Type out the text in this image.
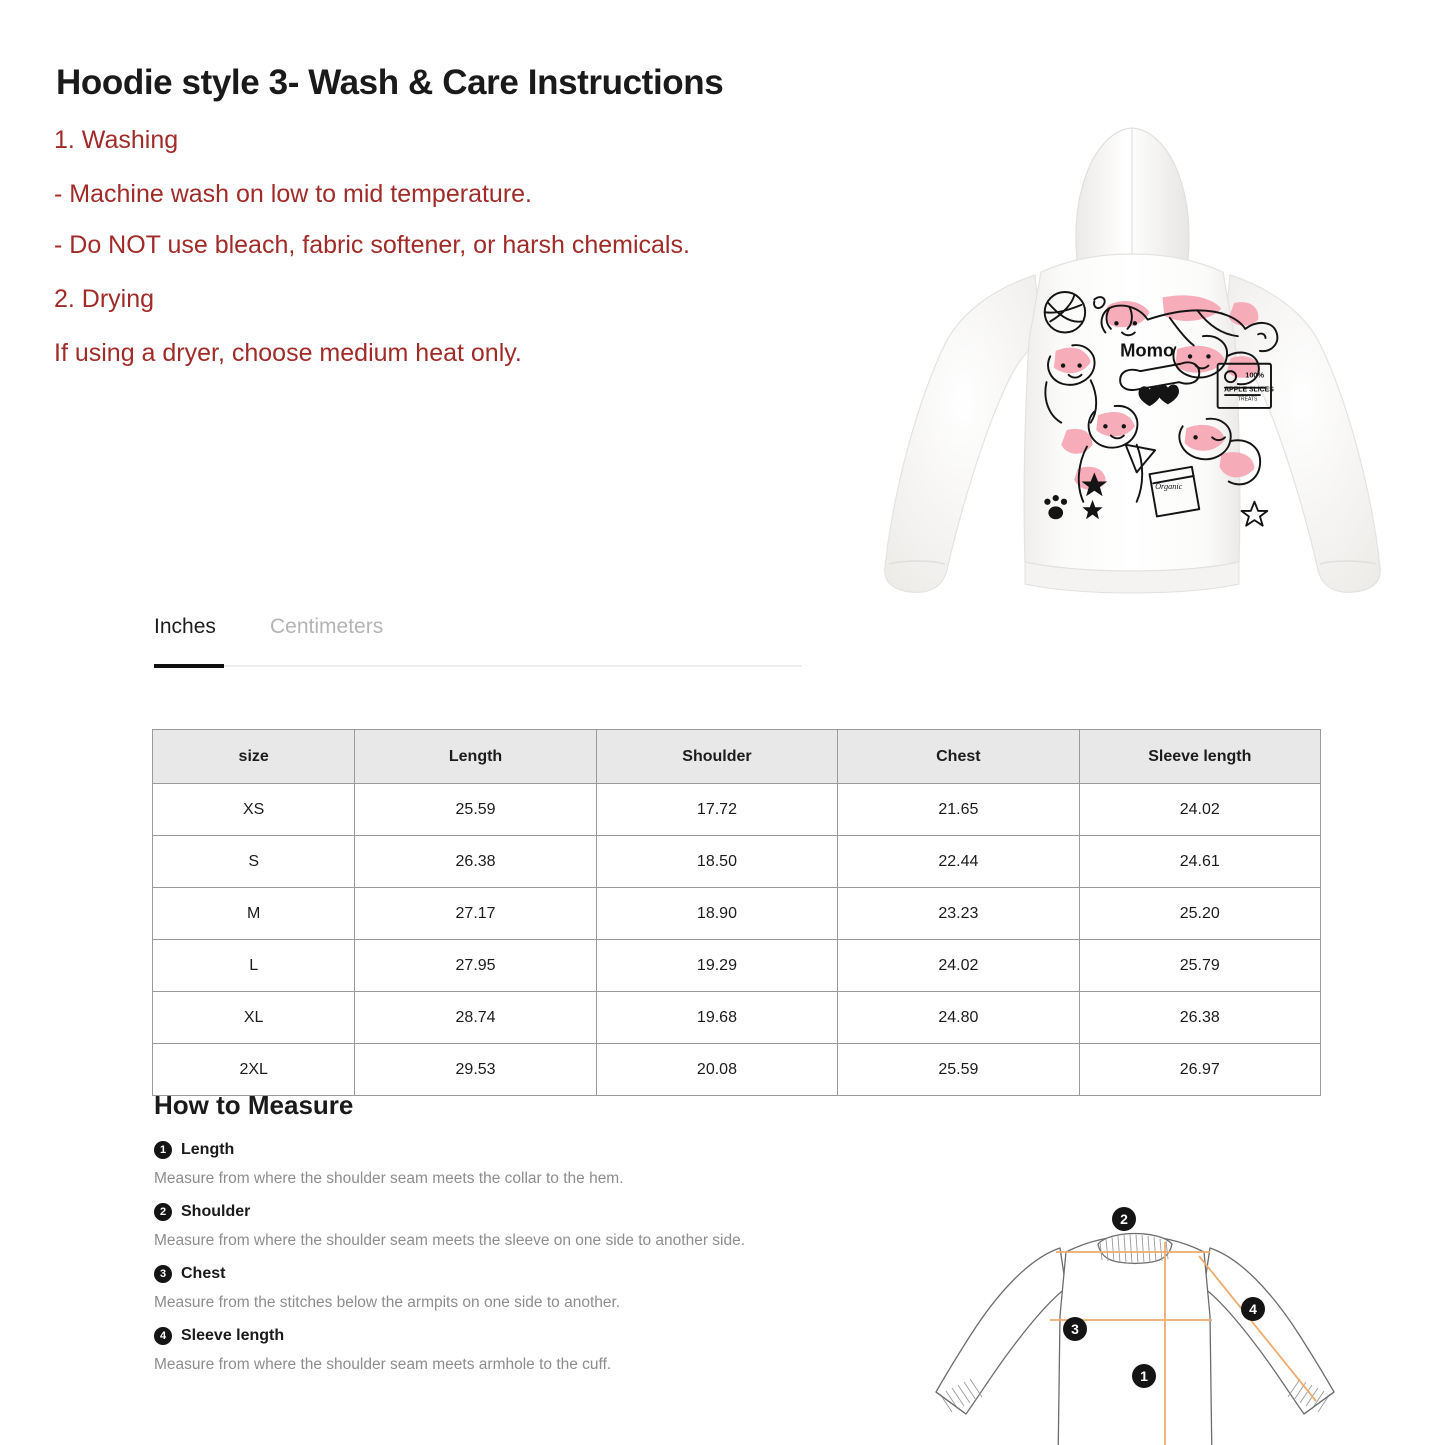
Hoodie style 3- Wash & Care Instructions
1. Washing
- Machine wash on low to mid temperature.
- Do NOT use bleach, fabric softener, or harsh chemicals.
2. Drying
If using a dryer, choose medium heat only.	Momo
100%
APPLE SLICES
TREATS
Organic
Inches	Centimeters
size	Length	Shoulder	Chest	Sleeve length
XS	25.59	17.72	21.65	24.02
S	26.38	18.50	22.44	24.61
M	27.17	18.90	23.23	25.20
L	27.95	19.29	24.02	25.79
XL	28.74	19.68	24.80	26.38
2XL	29.53	20.08	25.59	26.97
How to Measure
1 Length

Measure from where the shoulder seam meets the collar to the hem.

2 Shoulder

Measure from where the shoulder seam meets the sleeve on one side to another side.

3 Chest

Measure from the stitches below the armpits on one side to another.

4 Sleeve length

Measure from where the shoulder seam meets armhole to the cuff.

2
3
1
4
